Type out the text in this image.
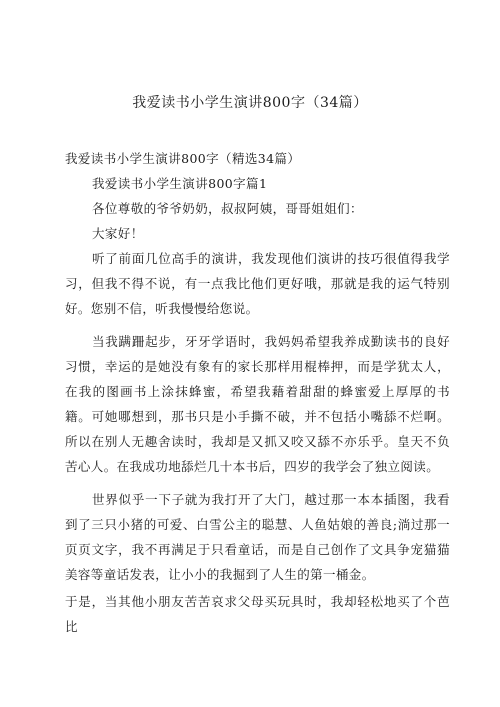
我爱读书小学生演讲800字（34篇）

我爱读书小学生演讲800字（精选34篇）

我爱读书小学生演讲800字篇1

各位尊敬的爷爷奶奶，叔叔阿姨，哥哥姐姐们：

大家好！

听了前面几位高手的演讲，我发现他们演讲的技巧很值得我学习，但我不得不说，有一点我比他们更好哦，那就是我的运气特别好。您别不信，听我慢慢给您说。

当我蹒跚起步，牙牙学语时，我妈妈希望我养成勤读书的良好习惯，幸运的是她没有象有的家长那样用棍棒押，而是学犹太人，在我的图画书上涂抹蜂蜜，希望我藉着甜甜的蜂蜜爱上厚厚的书籍。可她哪想到，那书只是小手撕不破，并不包括小嘴舔不烂啊。所以在别人无趣舍读时，我却是又抓又咬又舔不亦乐乎。皇天不负苦心人。在我成功地舔烂几十本书后，四岁的我学会了独立阅读。

世界似乎一下子就为我打开了大门，越过那一本本插图，我看到了三只小猪的可爱、白雪公主的聪慧、人鱼姑娘的善良;淌过那一页页文字，我不再满足于只看童话，而是自己创作了文具争宠猫猫美容等童话发表，让小小的我掘到了人生的第一桶金。

于是，当其他小朋友苦苦哀求父母买玩具时，我却轻松地买了个芭比
